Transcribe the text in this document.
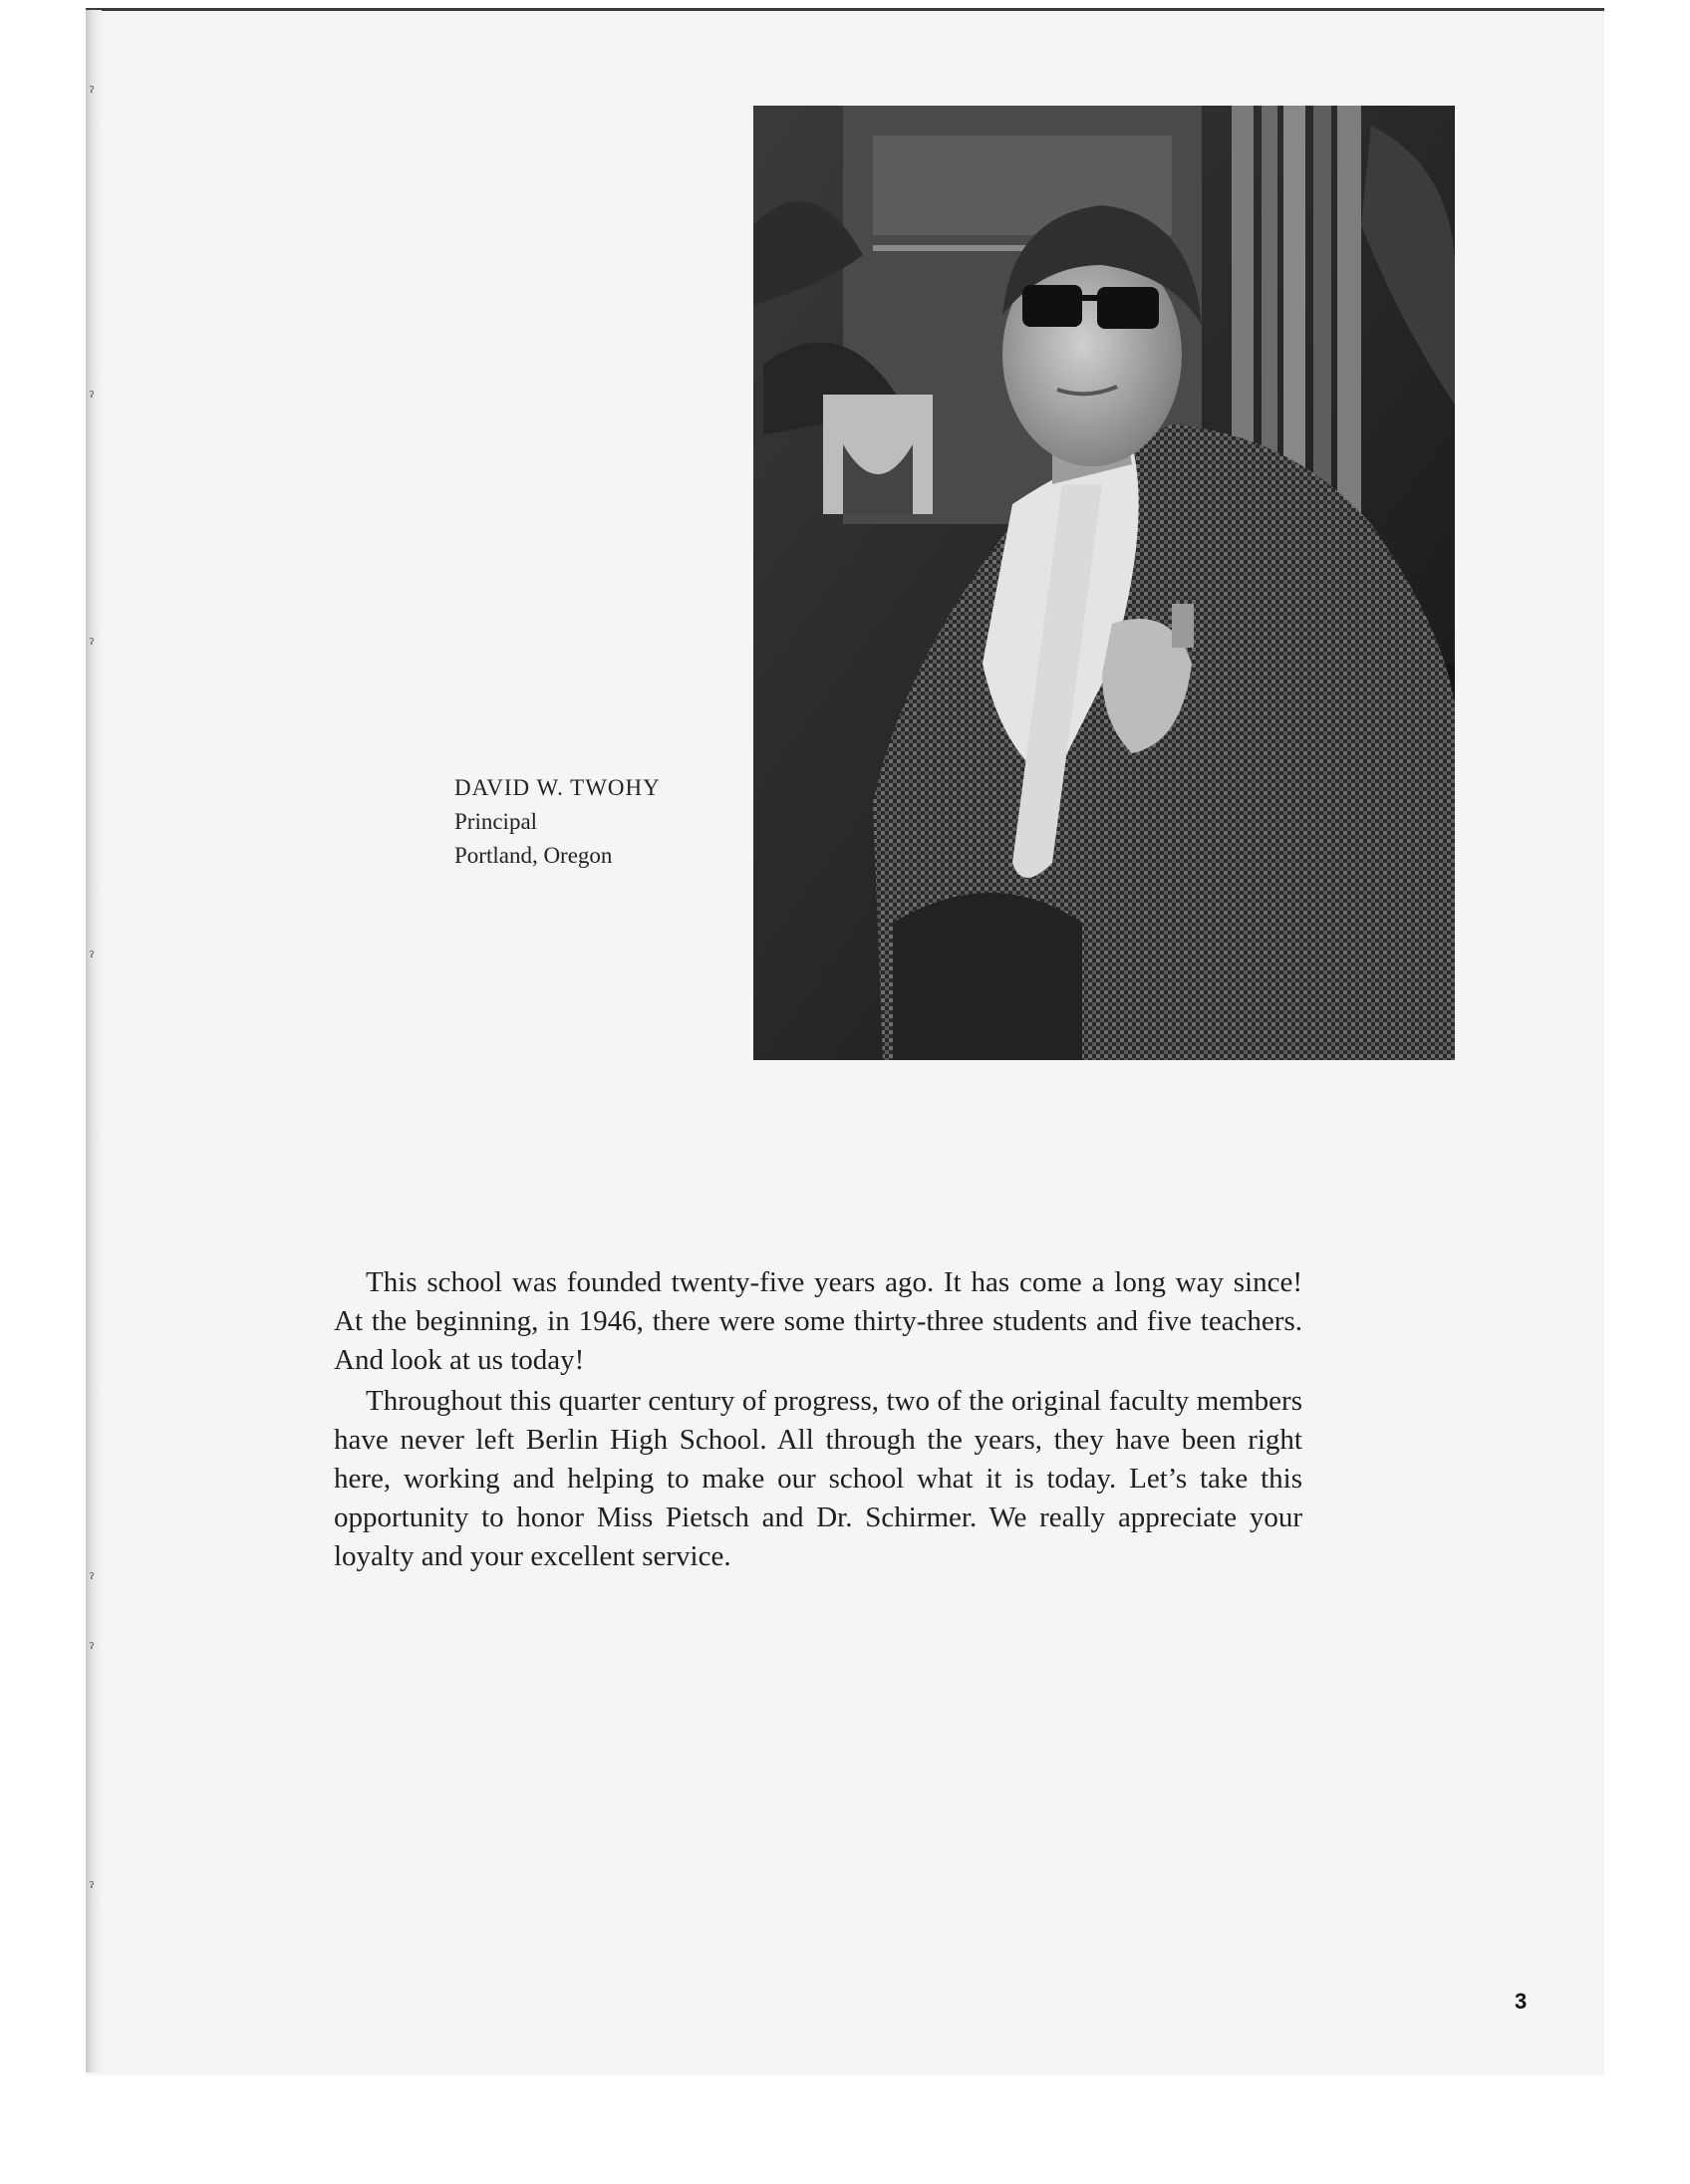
ˀ
ˀ
ˀ
ˀ
ˀ
ˀ
ˀ
DAVID W. TWOHY
Principal
Portland, Oregon

This school was founded twenty-five years ago. It has come a long way since! At the beginning, in 1946, there were some thirty-three students and five teachers. And look at us today!

Throughout this quarter century of progress, two of the original faculty members have never left Berlin High School. All through the years, they have been right here, working and helping to make our school what it is today. Let’s take this opportunity to honor Miss Pietsch and Dr. Schirmer. We really appreciate your loyalty and your excellent service.

3
